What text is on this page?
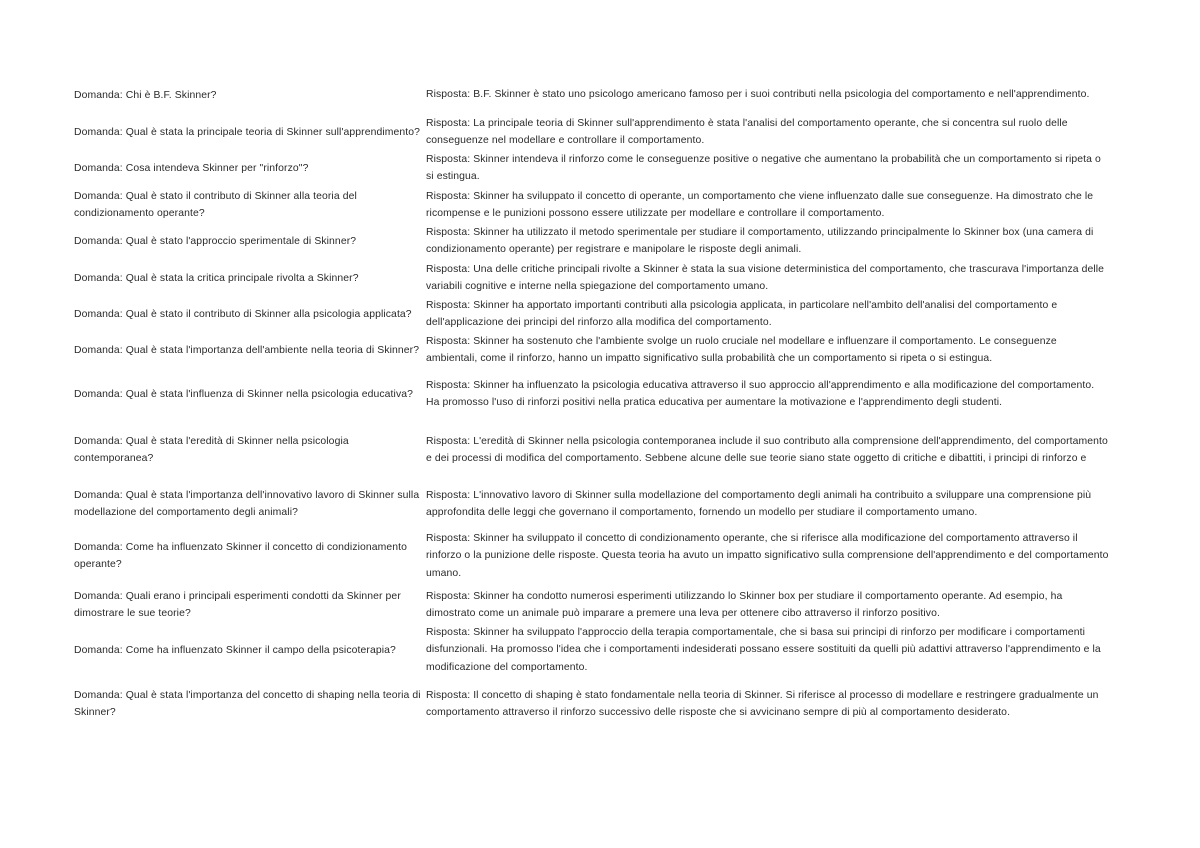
Domanda: Chi è B.F. Skinner?	Risposta: B.F. Skinner è stato uno psicologo americano famoso per i suoi contributi nella psicologia del comportamento e nell'apprendimento.
Domanda: Qual è stata la principale teoria di Skinner sull'apprendimento?
Risposta: La principale teoria di Skinner sull'apprendimento è stata l'analisi del comportamento operante, che si concentra sul ruolo delle conseguenze nel modellare e controllare il comportamento.
Domanda: Cosa intendeva Skinner per "rinforzo"?
Risposta: Skinner intendeva il rinforzo come le conseguenze positive o negative che aumentano la probabilità che un comportamento si ripeta o si estingua.
Domanda: Qual è stato il contributo di Skinner alla teoria del condizionamento operante?
Risposta: Skinner ha sviluppato il concetto di operante, un comportamento che viene influenzato dalle sue conseguenze. Ha dimostrato che le ricompense e le punizioni possono essere utilizzate per modellare e controllare il comportamento.
Domanda: Qual è stato l'approccio sperimentale di Skinner?
Risposta: Skinner ha utilizzato il metodo sperimentale per studiare il comportamento, utilizzando principalmente lo Skinner box (una camera di condizionamento operante) per registrare e manipolare le risposte degli animali.
Domanda: Qual è stata la critica principale rivolta a Skinner?
Risposta: Una delle critiche principali rivolte a Skinner è stata la sua visione deterministica del comportamento, che trascurava l'importanza delle variabili cognitive e interne nella spiegazione del comportamento umano.
Domanda: Qual è stato il contributo di Skinner alla psicologia applicata?
Risposta: Skinner ha apportato importanti contributi alla psicologia applicata, in particolare nell'ambito dell'analisi del comportamento e dell'applicazione dei principi del rinforzo alla modifica del comportamento.
Domanda: Qual è stata l'importanza dell'ambiente nella teoria di Skinner?
Risposta: Skinner ha sostenuto che l'ambiente svolge un ruolo cruciale nel modellare e influenzare il comportamento. Le conseguenze ambientali, come il rinforzo, hanno un impatto significativo sulla probabilità che un comportamento si ripeta o si estingua.
Domanda: Qual è stata l'influenza di Skinner nella psicologia educativa?
Risposta: Skinner ha influenzato la psicologia educativa attraverso il suo approccio all'apprendimento e alla modificazione del comportamento. Ha promosso l'uso di rinforzi positivi nella pratica educativa per aumentare la motivazione e l'apprendimento degli studenti.
Domanda: Qual è stata l'eredità di Skinner nella psicologia contemporanea?
Risposta: L'eredità di Skinner nella psicologia contemporanea include il suo contributo alla comprensione dell'apprendimento, del comportamento e dei processi di modifica del comportamento. Sebbene alcune delle sue teorie siano state oggetto di critiche e dibattiti, i principi di rinforzo e
Domanda: Qual è stata l'importanza dell'innovativo lavoro di Skinner sulla modellazione del comportamento degli animali?
Risposta: L'innovativo lavoro di Skinner sulla modellazione del comportamento degli animali ha contribuito a sviluppare una comprensione più approfondita delle leggi che governano il comportamento, fornendo un modello per studiare il comportamento umano.
Domanda: Come ha influenzato Skinner il concetto di condizionamento operante?
Risposta: Skinner ha sviluppato il concetto di condizionamento operante, che si riferisce alla modificazione del comportamento attraverso il rinforzo o la punizione delle risposte. Questa teoria ha avuto un impatto significativo sulla comprensione dell'apprendimento e del comportamento umano.
Domanda: Quali erano i principali esperimenti condotti da Skinner per dimostrare le sue teorie?
Risposta: Skinner ha condotto numerosi esperimenti utilizzando lo Skinner box per studiare il comportamento operante. Ad esempio, ha dimostrato come un animale può imparare a premere una leva per ottenere cibo attraverso il rinforzo positivo.
Domanda: Come ha influenzato Skinner il campo della psicoterapia?
Risposta: Skinner ha sviluppato l'approccio della terapia comportamentale, che si basa sui principi di rinforzo per modificare i comportamenti disfunzionali. Ha promosso l'idea che i comportamenti indesiderati possano essere sostituiti da quelli più adattivi attraverso l'apprendimento e la modificazione del comportamento.
Domanda: Qual è stata l'importanza del concetto di shaping nella teoria di Skinner?
Risposta: Il concetto di shaping è stato fondamentale nella teoria di Skinner. Si riferisce al processo di modellare e restringere gradualmente un comportamento attraverso il rinforzo successivo delle risposte che si avvicinano sempre di più al comportamento desiderato.
